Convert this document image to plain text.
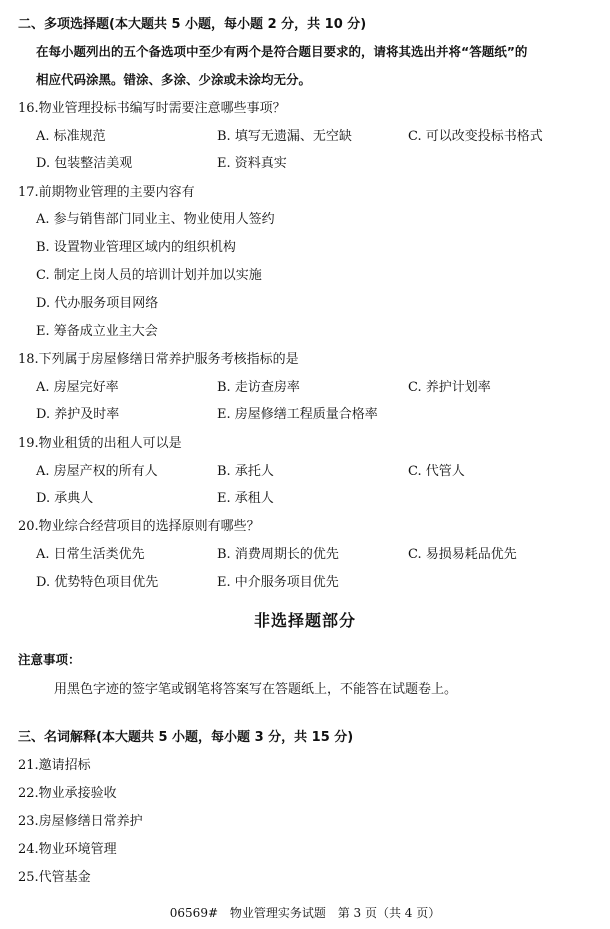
二、多项选择题(本大题共 5 小题，每小题 2 分，共 10 分)
在每小题列出的五个备选项中至少有两个是符合题目要求的，请将其选出并将“答题纸”的
相应代码涂黑。错涂、多涂、少涂或未涂均无分。
16.物业管理投标书编写时需要注意哪些事项？
A. 标准规范	B. 填写无遗漏、无空缺	C. 可以改变投标书格式
D. 包装整洁美观	E. 资料真实
17.前期物业管理的主要内容有
A. 参与销售部门同业主、物业使用人签约
B. 设置物业管理区域内的组织机构
C. 制定上岗人员的培训计划并加以实施
D. 代办服务项目网络
E. 筹备成立业主大会
18.下列属于房屋修缮日常养护服务考核指标的是
A. 房屋完好率	B. 走访查房率	C. 养护计划率
D. 养护及时率	E. 房屋修缮工程质量合格率
19.物业租赁的出租人可以是
A. 房屋产权的所有人	B. 承托人	C. 代管人
D. 承典人	E. 承租人
20.物业综合经营项目的选择原则有哪些？
A. 日常生活类优先	B. 消费周期长的优先	C. 易损易耗品优先
D. 优势特色项目优先	E. 中介服务项目优先
非选择题部分
注意事项：
用黑色字迹的签字笔或钢笔将答案写在答题纸上，不能答在试题卷上。
三、名词解释(本大题共 5 小题，每小题 3 分，共 15 分)
21.邀请招标
22.物业承接验收
23.房屋修缮日常养护
24.物业环境管理
25.代管基金
06569# 物业管理实务试题 第 3 页（共 4 页）
